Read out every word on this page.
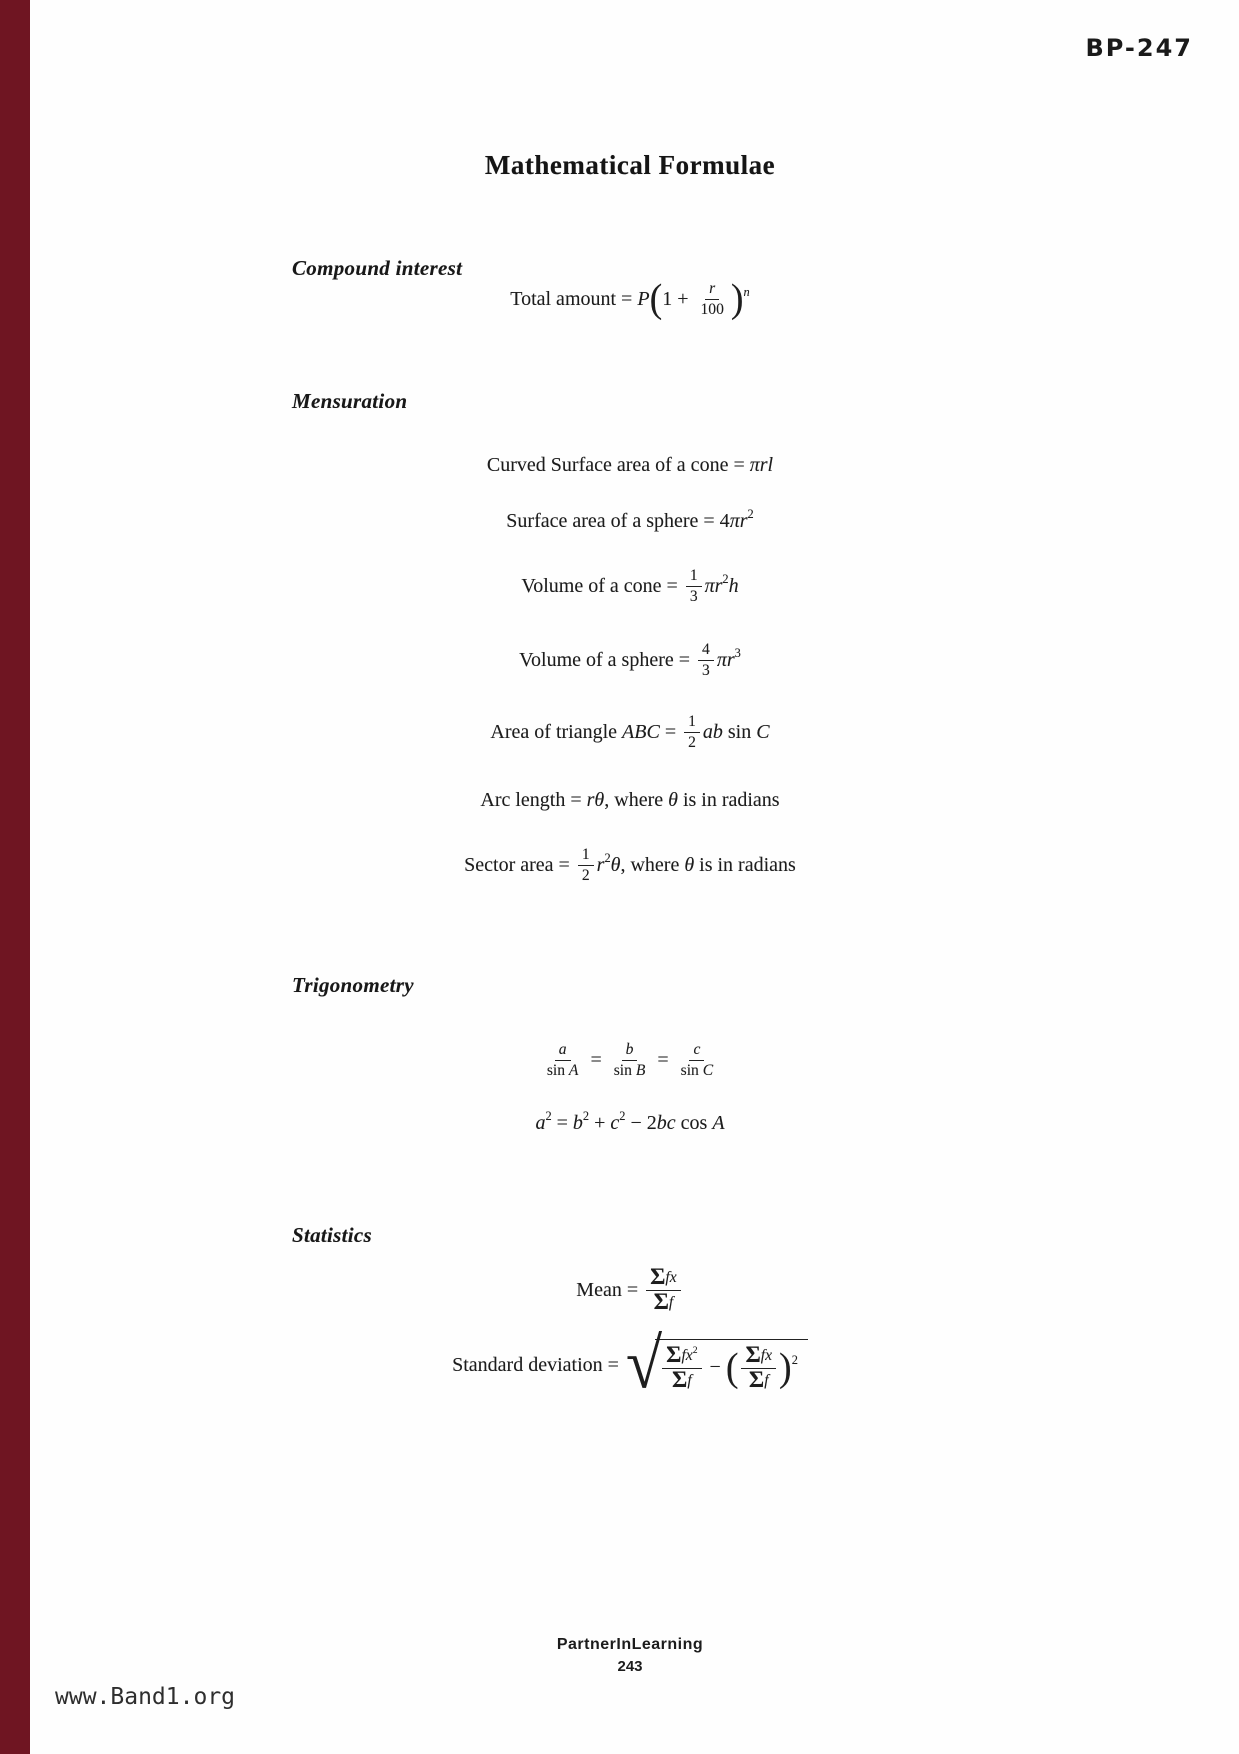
BP-247
Mathematical Formulae
Compound interest
Total amount = P ( $1 + \frac{r}{100}$ ) n
Mensuration
Curved Surface area of a cone = πrl
Surface area of a sphere = 4 πr 2
Volume of a cone = $\frac{1}{3}$ πr 2 h
Volume of a sphere = $\frac{4}{3}$ πr 3
Area of triangle ABC = $\frac{1}{2}$ ab sin C
Arc length = rθ , where θ is in radians
Sector area = $\frac{1}{2}$ r 2 θ , where θ is in radians
Trigonometry
$\frac{a}{\text{sin A}} = \frac{b}{\text{sin B}} = \frac{c}{\text{sin C}}$
a 2 = b 2 + c 2 − 2 bc cos A
Statistics
Mean = $\frac{\text{Σ fx}}{\text{Σ f}}$
Standard deviation = √ $\frac{\text{Σ fx 2}}{\text{Σ f}}$ − ( $\frac{\text{Σ fx}}{\text{Σ f}}$ ) 2
PartnerInLearning
243
www.Band1.org
